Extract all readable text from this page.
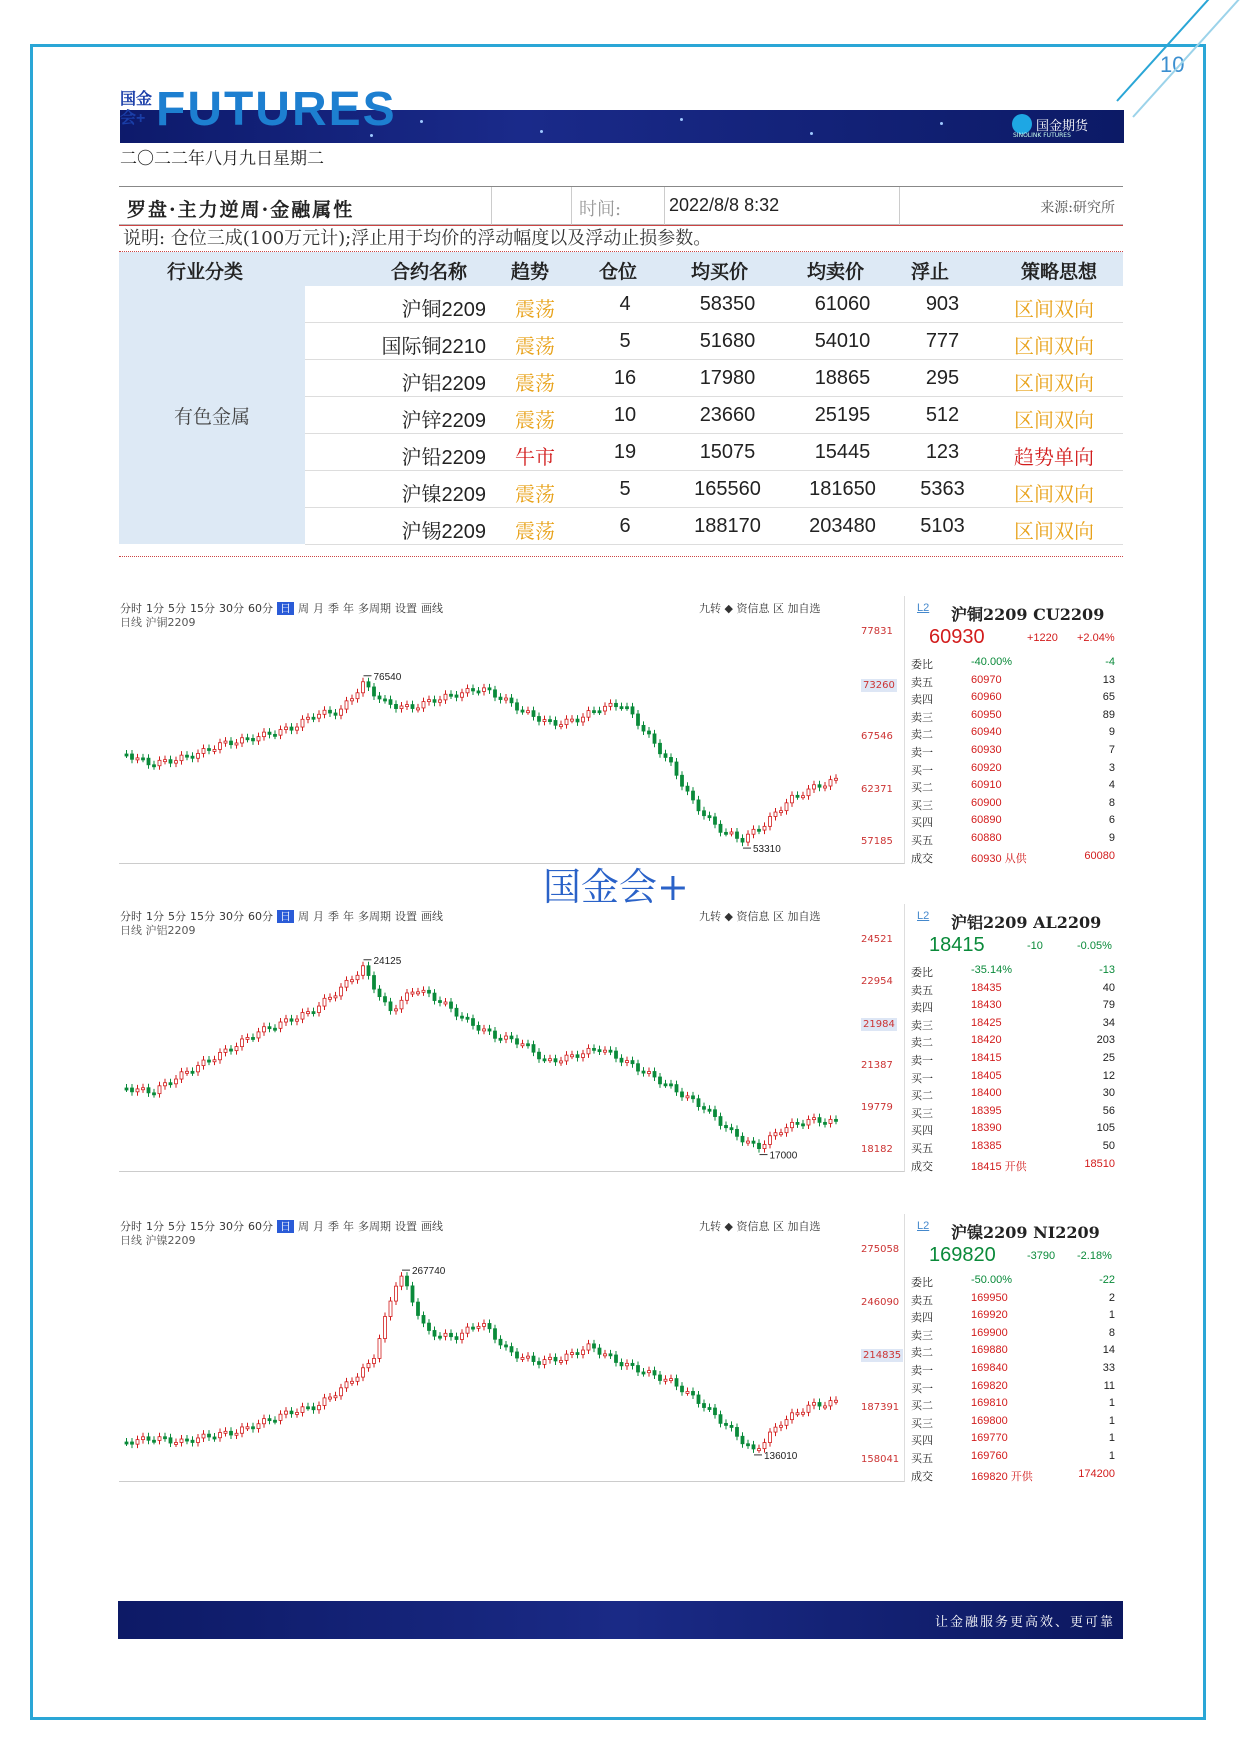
10
国金会+ FUTURES	国金期货

SINOLINK FUTURES
二〇二二年八月九日星期二
罗盘·主力逆周·金融属性	时间:	2022/8/8 8:32	来源:研究所
说明: 仓位三成(100万元计);浮止用于均价的浮动幅度以及浮动止损参数。
行业分类	合约名称 趋势	仓位	均买价	均卖价 浮止	策略思想
有色金属
沪铜2209	震荡	4	58350	61060	903	区间双向
国际铜2210	震荡	5	51680	54010	777	区间双向
沪铝2209	震荡	16	17980	18865	295	区间双向
沪锌2209	震荡	10	23660	25195	512	区间双向
沪铅2209	牛市	19	15075	15445	123	趋势单向
沪镍2209	震荡	5	165560	181650	5363	区间双向
沪锡2209	震荡	6	188170	203480	5103	区间双向
分时 1分 5分 15分 30分 60分 日 周 月 季 年 多周期 设置 画线	九转 ◆ 资信息 区 加自选
日线 沪铜2209
77831
73260
67546
62371
57185
76540
53310
L2 沪铜2209 CU2209
60930	+1220 +2.04%
委比	-40.00%	-4
卖五	60970	13
卖四	60960	65
卖三	60950	89
卖二	60940	9
卖一	60930	7
买一	60920	3
买二	60910	4
买三	60900	8
买四	60890	6
买五	60880	9
成交	60930 从供	60080
国金会+
分时 1分 5分 15分 30分 60分 日 周 月 季 年 多周期 设置 画线	九转 ◆ 资信息 区 加自选
日线 沪铝2209
24521
22954
21984
21387
19779
18182
24125
17000
L2 沪铝2209 AL2209
18415	-10	-0.05%
委比	-35.14%	-13
卖五	18435	40
卖四	18430	79
卖三	18425	34
卖二	18420	203
卖一	18415	25
买一	18405	12
买二	18400	30
买三	18395	56
买四	18390	105
买五	18385	50
成交	18415 开供	18510
分时 1分 5分 15分 30分 60分 日 周 月 季 年 多周期 设置 画线	九转 ◆ 资信息 区 加自选
日线 沪镍2209
275058
246090
214835
187391
158041
267740
136010
L2 沪镍2209 NI2209
169820	-3790 -2.18%
委比	-50.00%	-22
卖五	169950	2
卖四	169920	1
卖三	169900	8
卖二	169880	14
卖一	169840	33
买一	169820	11
买二	169810	1
买三	169800	1
买四	169770	1
买五	169760	1
成交	169820 开供	174200
让金融服务更高效、更可靠
